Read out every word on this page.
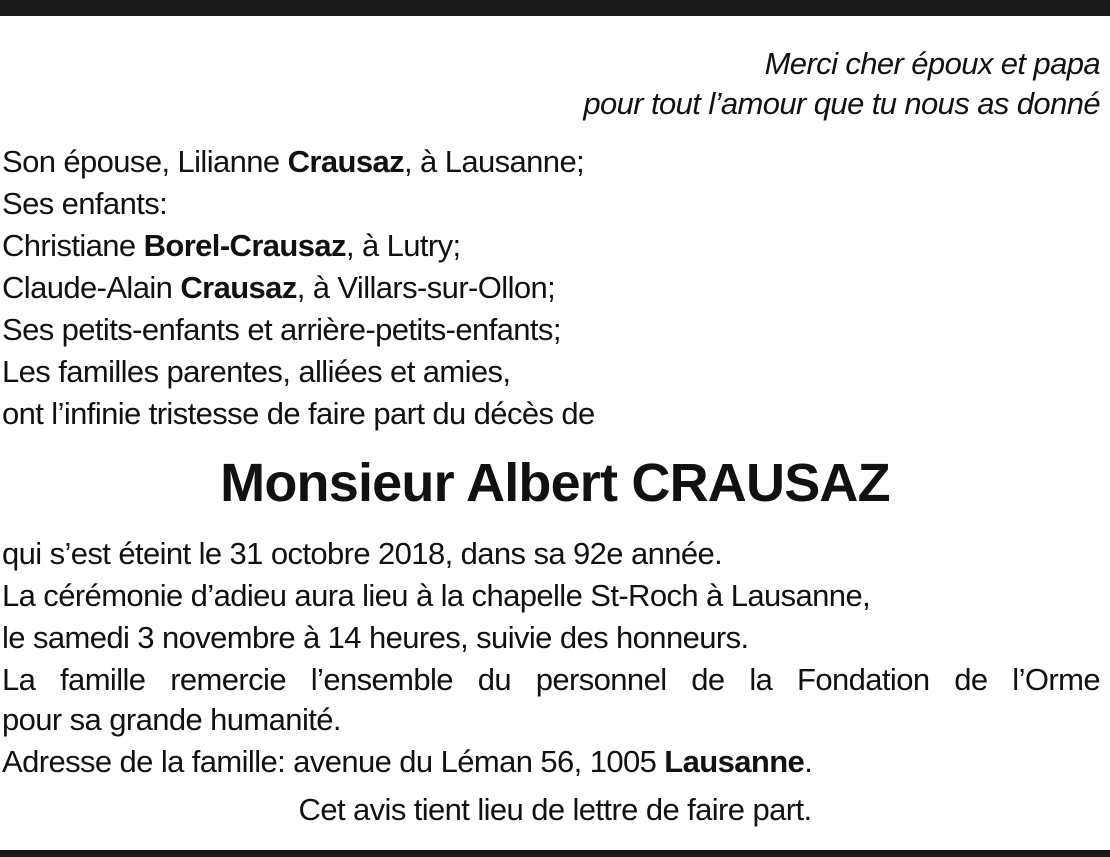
Merci cher époux et papa
pour tout l’amour que tu nous as donné
Son épouse, Lilianne Crausaz, à Lausanne;
Ses enfants:
Christiane Borel-Crausaz, à Lutry;
Claude-Alain Crausaz, à Villars-sur-Ollon;
Ses petits-enfants et arrière-petits-enfants;
Les familles parentes, alliées et amies,
ont l’infinie tristesse de faire part du décès de
Monsieur Albert CRAUSAZ
qui s’est éteint le 31 octobre 2018, dans sa 92e année.
La cérémonie d’adieu aura lieu à la chapelle St-Roch à Lausanne,
le samedi 3 novembre à 14 heures, suivie des honneurs.
La famille remercie l’ensemble du personnel de la Fondation de l’Orme
pour sa grande humanité.
Adresse de la famille: avenue du Léman 56, 1005 Lausanne.
Cet avis tient lieu de lettre de faire part.
